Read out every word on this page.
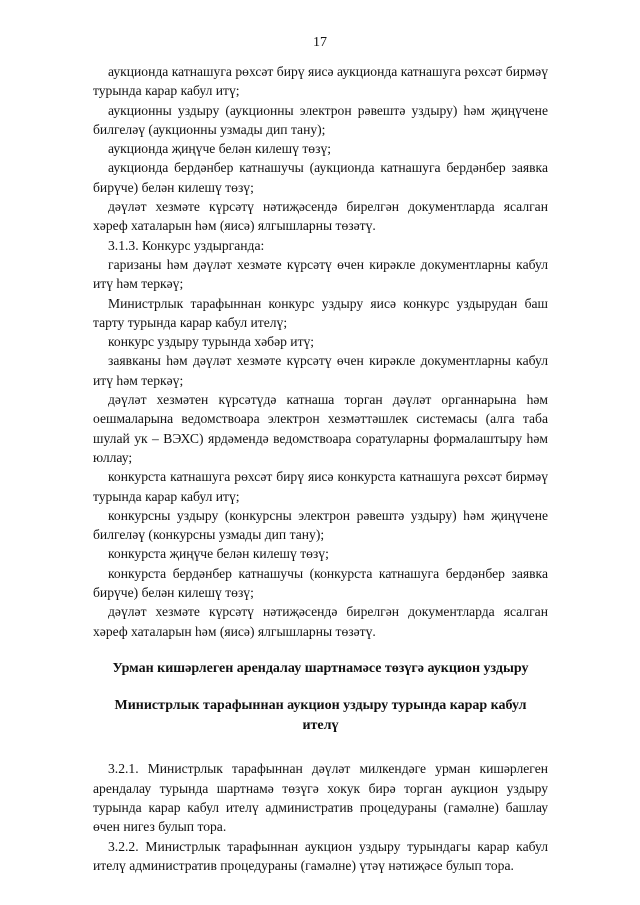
17

аукционда катнашуга рөхсәт бирү яисә аукционда катнашуга рөхсәт бирмәү турында карар кабул итү;

аукционны уздыру (аукционны электрон рәвештә уздыру) һәм җиңүчене билгеләү (аукционны узмады дип тану);

аукционда җиңүче белән килешү төзү;

аукционда бердәнбер катнашучы (аукционда катнашуга бердәнбер заявка бирүче) белән килешү төзү;

дәүләт хезмәте күрсәтү нәтиҗәсендә бирелгән документларда ясалган хәреф хаталарын һәм (яисә) ялгышларны төзәтү.

3.1.3. Конкурс уздырганда:

гаризаны һәм дәүләт хезмәте күрсәтү өчен кирәкле документларны кабул итү һәм теркәү;

Министрлык тарафыннан конкурс уздыру яисә конкурс уздырудан баш тарту турында карар кабул ителү;

конкурс уздыру турында хәбәр итү;

заявканы һәм дәүләт хезмәте күрсәтү өчен кирәкле документларны кабул итү һәм теркәү;

дәүләт хезмәтен күрсәтүдә катнаша торган дәүләт органнарына һәм оешмаларына ведомствоара электрон хезмәттәшлек системасы (алга таба шулай ук – ВЭХС) ярдәмендә ведомствоара соратуларны формалаштыру һәм юллау;

конкурста катнашуга рөхсәт бирү яисә конкурста катнашуга рөхсәт бирмәү турында карар кабул итү;

конкурсны уздыру (конкурсны электрон рәвештә уздыру) һәм җиңүчене билгеләү (конкурсны узмады дип тану);

конкурста җиңүче белән килешү төзү;

конкурста бердәнбер катнашучы (конкурста катнашуга бердәнбер заявка бирүче) белән килешү төзү;

дәүләт хезмәте күрсәтү нәтиҗәсендә бирелгән документларда ясалган хәреф хаталарын һәм (яисә) ялгышларны төзәтү.

Урман кишәрлеген арендалау шартнамәсе төзүгә аукцион уздыру
Министрлык тарафыннан аукцион уздыру турында карар кабул ителү

3.2.1. Министрлык тарафыннан дәүләт милкендәге урман кишәрлеген арендалау турында шартнамә төзүгә хокук бирә торган аукцион уздыру турында карар кабул ителү административ процедураны (гамәлне) башлау өчен нигез булып тора.

3.2.2. Министрлык тарафыннан аукцион уздыру турындагы карар кабул ителү административ процедураны (гамәлне) үтәү нәтиҗәсе булып тора.
